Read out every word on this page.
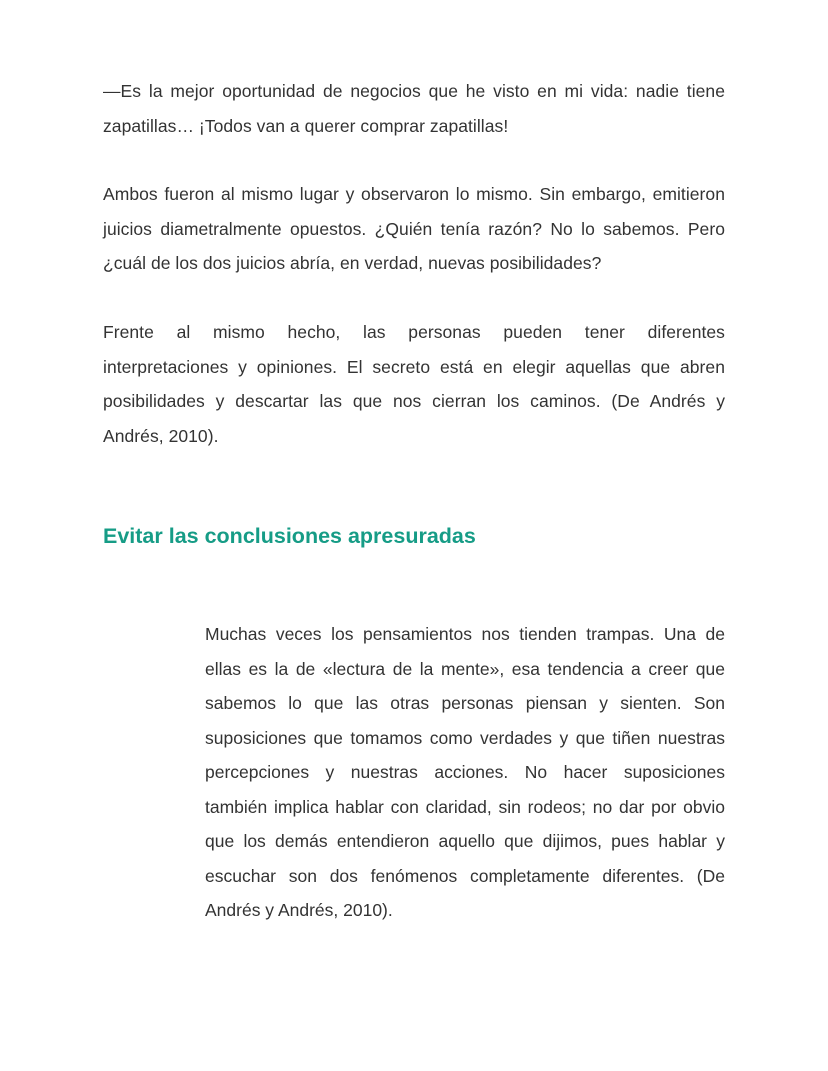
—Es la mejor oportunidad de negocios que he visto en mi vida: nadie tiene
zapatillas… ¡Todos van a querer comprar zapatillas!

Ambos fueron al mismo lugar y observaron lo mismo. Sin embargo, emitieron
juicios diametralmente opuestos. ¿Quién tenía razón? No lo sabemos. Pero
¿cuál de los dos juicios abría, en verdad, nuevas posibilidades?

Frente al mismo hecho, las personas pueden tener diferentes
interpretaciones y opiniones. El secreto está en elegir aquellas que abren
posibilidades y descartar las que nos cierran los caminos. (De Andrés y
Andrés, 2010).

Evitar las conclusiones apresuradas

Muchas veces los pensamientos nos tienden trampas. Una de
ellas es la de «lectura de la mente», esa tendencia a creer que
sabemos lo que las otras personas piensan y sienten. Son
suposiciones que tomamos como verdades y que tiñen nuestras
percepciones y nuestras acciones. No hacer suposiciones
también implica hablar con claridad, sin rodeos; no dar por obvio
que los demás entendieron aquello que dijimos, pues hablar y
escuchar son dos fenómenos completamente diferentes. (De
Andrés y Andrés, 2010).
